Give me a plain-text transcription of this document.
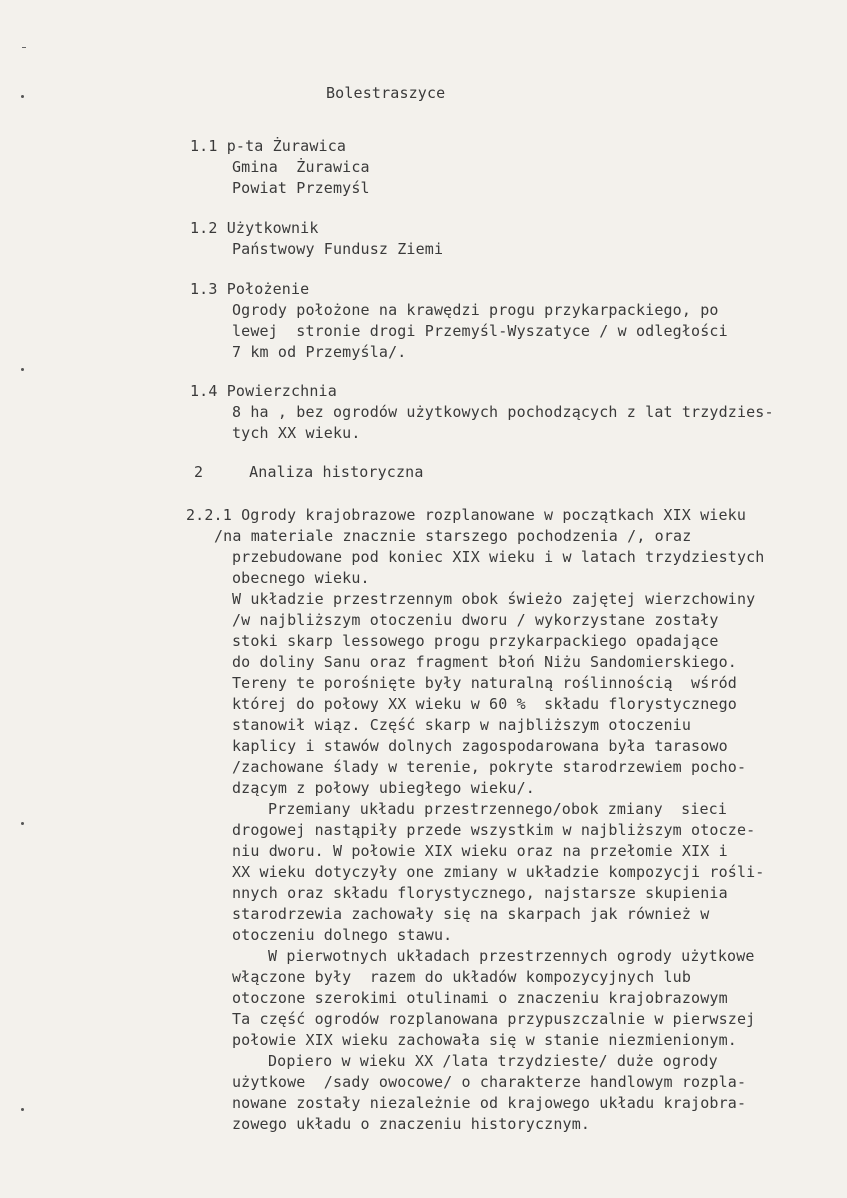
Bolestraszyce
1.1 p-ta Żurawica
Gmina  Żurawica
Powiat Przemyśl
1.2 Użytkownik
Państwowy Fundusz Ziemi
1.3 Położenie
Ogrody położone na krawędzi progu przykarpackiego, po
lewej  stronie drogi Przemyśl-Wyszatyce / w odległości
7 km od Przemyśla/.
1.4 Powierzchnia
8 ha , bez ogrodów użytkowych pochodzących z lat trzydzies-
tych XX wieku.
2     Analiza historyczna
2.2.1 Ogrody krajobrazowe rozplanowane w początkach XIX wieku
/na materiale znacznie starszego pochodzenia /, oraz
przebudowane pod koniec XIX wieku i w latach trzydziestych
obecnego wieku.
W układzie przestrzennym obok świeżo zajętej wierzchowiny
/w najbliższym otoczeniu dworu / wykorzystane zostały
stoki skarp lessowego progu przykarpackiego opadające
do doliny Sanu oraz fragment błoń Niżu Sandomierskiego.
Tereny te porośnięte były naturalną roślinnością  wśród
której do połowy XX wieku w 60 %  składu florystycznego
stanowił wiąz. Część skarp w najbliższym otoczeniu
kaplicy i stawów dolnych zagospodarowana była tarasowo
/zachowane ślady w terenie, pokryte starodrzewiem pocho-
dzącym z połowy ubiegłego wieku/.
Przemiany układu przestrzennego/obok zmiany  sieci
drogowej nastąpiły przede wszystkim w najbliższym otocze-
niu dworu. W połowie XIX wieku oraz na przełomie XIX i
XX wieku dotyczyły one zmiany w układzie kompozycji rośli-
nnych oraz składu florystycznego, najstarsze skupienia
starodrzewia zachowały się na skarpach jak również w
otoczeniu dolnego stawu.
W pierwotnych układach przestrzennych ogrody użytkowe
włączone były  razem do układów kompozycyjnych lub
otoczone szerokimi otulinami o znaczeniu krajobrazowym
Ta część ogrodów rozplanowana przypuszczalnie w pierwszej
połowie XIX wieku zachowała się w stanie niezmienionym.
Dopiero w wieku XX /lata trzydzieste/ duże ogrody
użytkowe  /sady owocowe/ o charakterze handlowym rozpla-
nowane zostały niezależnie od krajowego układu krajobra-
zowego układu o znaczeniu historycznym.
